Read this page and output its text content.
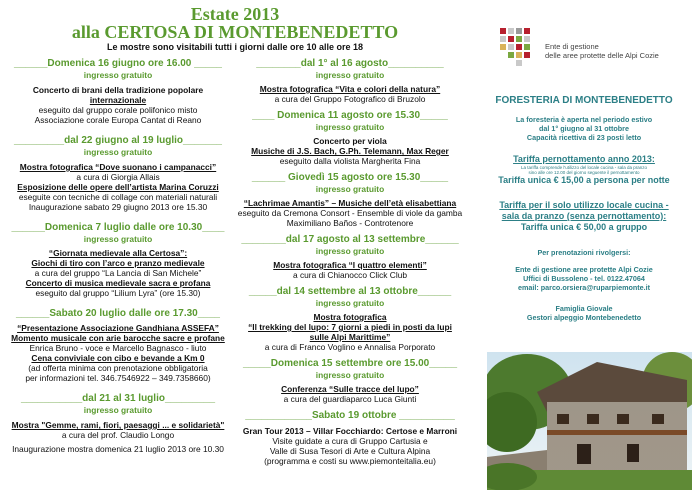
Estate 2013
alla CERTOSA DI MONTEBENEDETTO
Le mostre sono visitabili tutti i giorni dalle ore 10 alle ore 18
______Domenica 16 giugno ore 16.00 _____
ingresso gratuito
Concerto di brani della tradizione popolare
internazionale
eseguito dal gruppo corale polifonico misto
Associazione corale Europa Cantat di Reano
_________dal 22 giugno al 19 luglio_______
ingresso gratuito
Mostra fotografica “Dove suonano i campanacci”
a cura di Giorgia Allais
Esposizione delle opere dell’artista Marina Coruzzi
eseguite con tecniche di collage con materiali naturali
Inaugurazione sabato 29 giugno 2013 ore 15.30
______Domenica 7 luglio dalle ore 10.30____
ingresso gratuito
“Giornata medievale alla Certosa”:
Giochi di tiro con l’arco e pranzo medievale
a cura del gruppo “La Lancia di San Michele”
Concerto di musica medievale sacra e profana
eseguito dal gruppo “Lilium Lyra” (ore 15.30)
______Sabato 20 luglio dalle ore 17.30____
“Presentazione Associazione Gandhiana ASSEFA”
Momento musicale con arie barocche sacre e profane
Enrica Bruno - voce e Marcello Bagnasco - liuto
Cena conviviale con cibo e bevande a Km 0
(ad offerta minima con prenotazione obbligatoria
per informazioni tel. 346.7546922 – 349.7358660)
___________dal 21 al 31 luglio_________
ingresso gratuito
Mostra "Gemme, rami, fiori, paesaggi ... e solidarietà"
a cura del prof. Claudio Longo
Inaugurazione mostra domenica 21 luglio 2013 ore 10.30
________dal 1° al 16 agosto__________
ingresso gratuito
Mostra fotografica “Vita e colori della natura”
a cura del Gruppo Fotografico di Bruzolo
____ Domenica 11 agosto ore 15.30_____
ingresso gratuito
Concerto per viola
Musiche di J.S. Bach, G.Ph. Telemann, Max Reger
eseguito dalla violista Margherita Fina
______ Giovedì 15 agosto ore 15.30_____
ingresso gratuito
“Lachrimae Amantis” – Musiche dell’età elisabettiana
eseguito da Cremona Consort - Ensemble di viole da gamba
Maximiliano Baños - Controtenore
________dal 17 agosto al 13 settembre______
ingresso gratuito
Mostra fotografica “I quattro elementi”
a cura di Chianocco Click Club
_____dal 14 settembre al 13 ottobre______
ingresso gratuito
Mostra fotografica
“Il trekking del lupo: 7 giorni a piedi in posti da lupi
sulle Alpi Marittime”
a cura di Franco Voglino e Annalisa Porporato
_____Domenica 15 settembre ore 15.00_____
ingresso gratuito
Conferenza “Sulle tracce del lupo”
a cura del guardiaparco Luca Giunti
____________Sabato 19 ottobre __________
Gran Tour 2013 – Villar Focchiardo: Certose e Marroni
Visite guidate a cura di Gruppo Cartusia e
Valle di Susa Tesori di Arte e Cultura Alpina
(programma e costi su www.piemonteitalia.eu)
Ente di gestione
delle aree protette delle Alpi Cozie
FORESTERIA DI MONTEBENEDETTO
La foresteria è aperta nel periodo estivo
dal 1° giugno al 31 ottobre
Capacità ricettiva di 23 posti letto
Tariffa pernottamento anno 2013:
La tariffa comprende l'utilizzo del locale cucina - sala da pranzo
sino alle ore 12.00 del giorno seguente il pernottamento
Tariffa unica € 15,00 a persona per notte
Tariffa per il solo utilizzo locale cucina -
sala da pranzo (senza pernottamento):
Tariffa unica € 50,00 a gruppo
Per prenotazioni rivolgersi:
Ente di gestione aree protette Alpi Cozie
Uffici di Bussoleno - tel. 0122.47064
email: parco.orsiera@ruparpiemonte.it
Famiglia Giovale
Gestori alpeggio Montebenedetto
